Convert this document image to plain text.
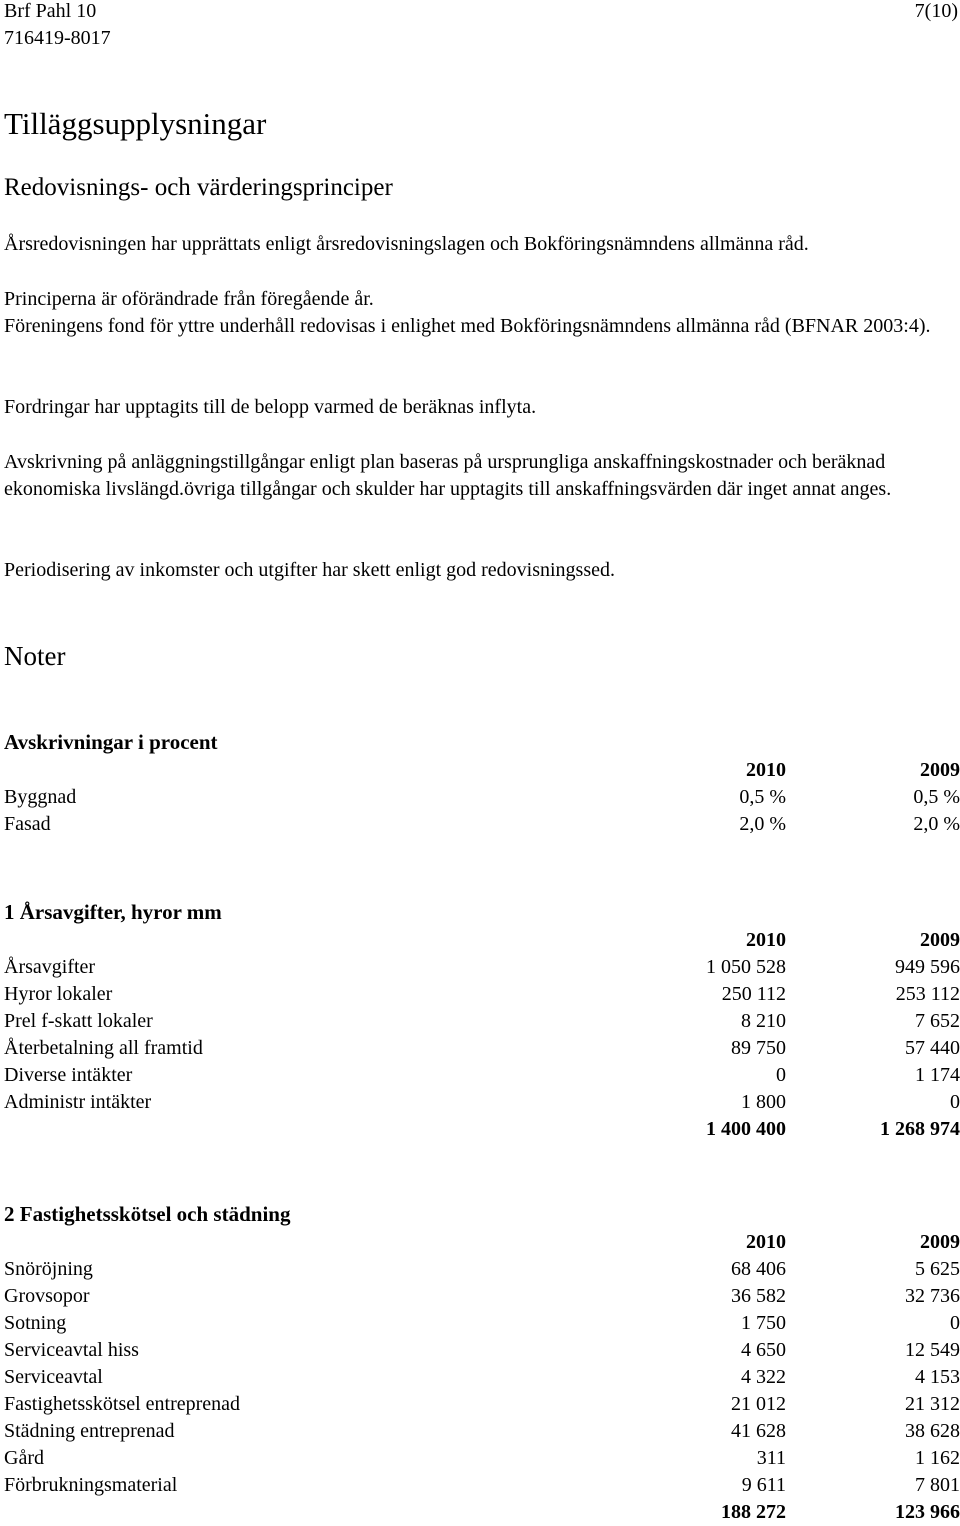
Brf Pahl 10	7(10)
716419-8017
Tilläggsupplysningar
Redovisnings- och värderingsprinciper
Årsredovisningen har upprättats enligt årsredovisningslagen och Bokföringsnämndens allmänna råd.
Principerna är oförändrade från föregående år.
Föreningens fond för yttre underhåll redovisas i enlighet med Bokföringsnämndens allmänna råd (BFNAR 2003:4).
Fordringar har upptagits till de belopp varmed de beräknas inflyta.
Avskrivning på anläggningstillgångar enligt plan baseras på ursprungliga anskaffningskostnader och beräknad ekonomiska livslängd.övriga tillgångar och skulder har upptagits till anskaffningsvärden där inget annat anges.
Periodisering av inkomster och utgifter har skett enligt god redovisningssed.
Noter
Avskrivningar i procent
2010	2009
Byggnad 0,5 %	0,5 %
Fasad 2,0 %	2,0 %
1 Årsavgifter, hyror mm
2010	2009
Årsavgifter 1 050 528	949 596
Hyror lokaler 250 112	253 112
Prel f-skatt lokaler 8 210	7 652
Återbetalning all framtid 89 750	57 440
Diverse intäkter 0	1 174
Administr intäkter 1 800	0
1 400 400	1 268 974
2 Fastighetsskötsel och städning
2010	2009
Snöröjning 68 406	5 625
Grovsopor 36 582	32 736
Sotning 1 750	0
Serviceavtal hiss 4 650	12 549
Serviceavtal 4 322	4 153
Fastighetsskötsel entreprenad 21 012	21 312
Städning entreprenad 41 628	38 628
Gård 311	1 162
Förbrukningsmaterial 9 611	7 801
188 272	123 966
